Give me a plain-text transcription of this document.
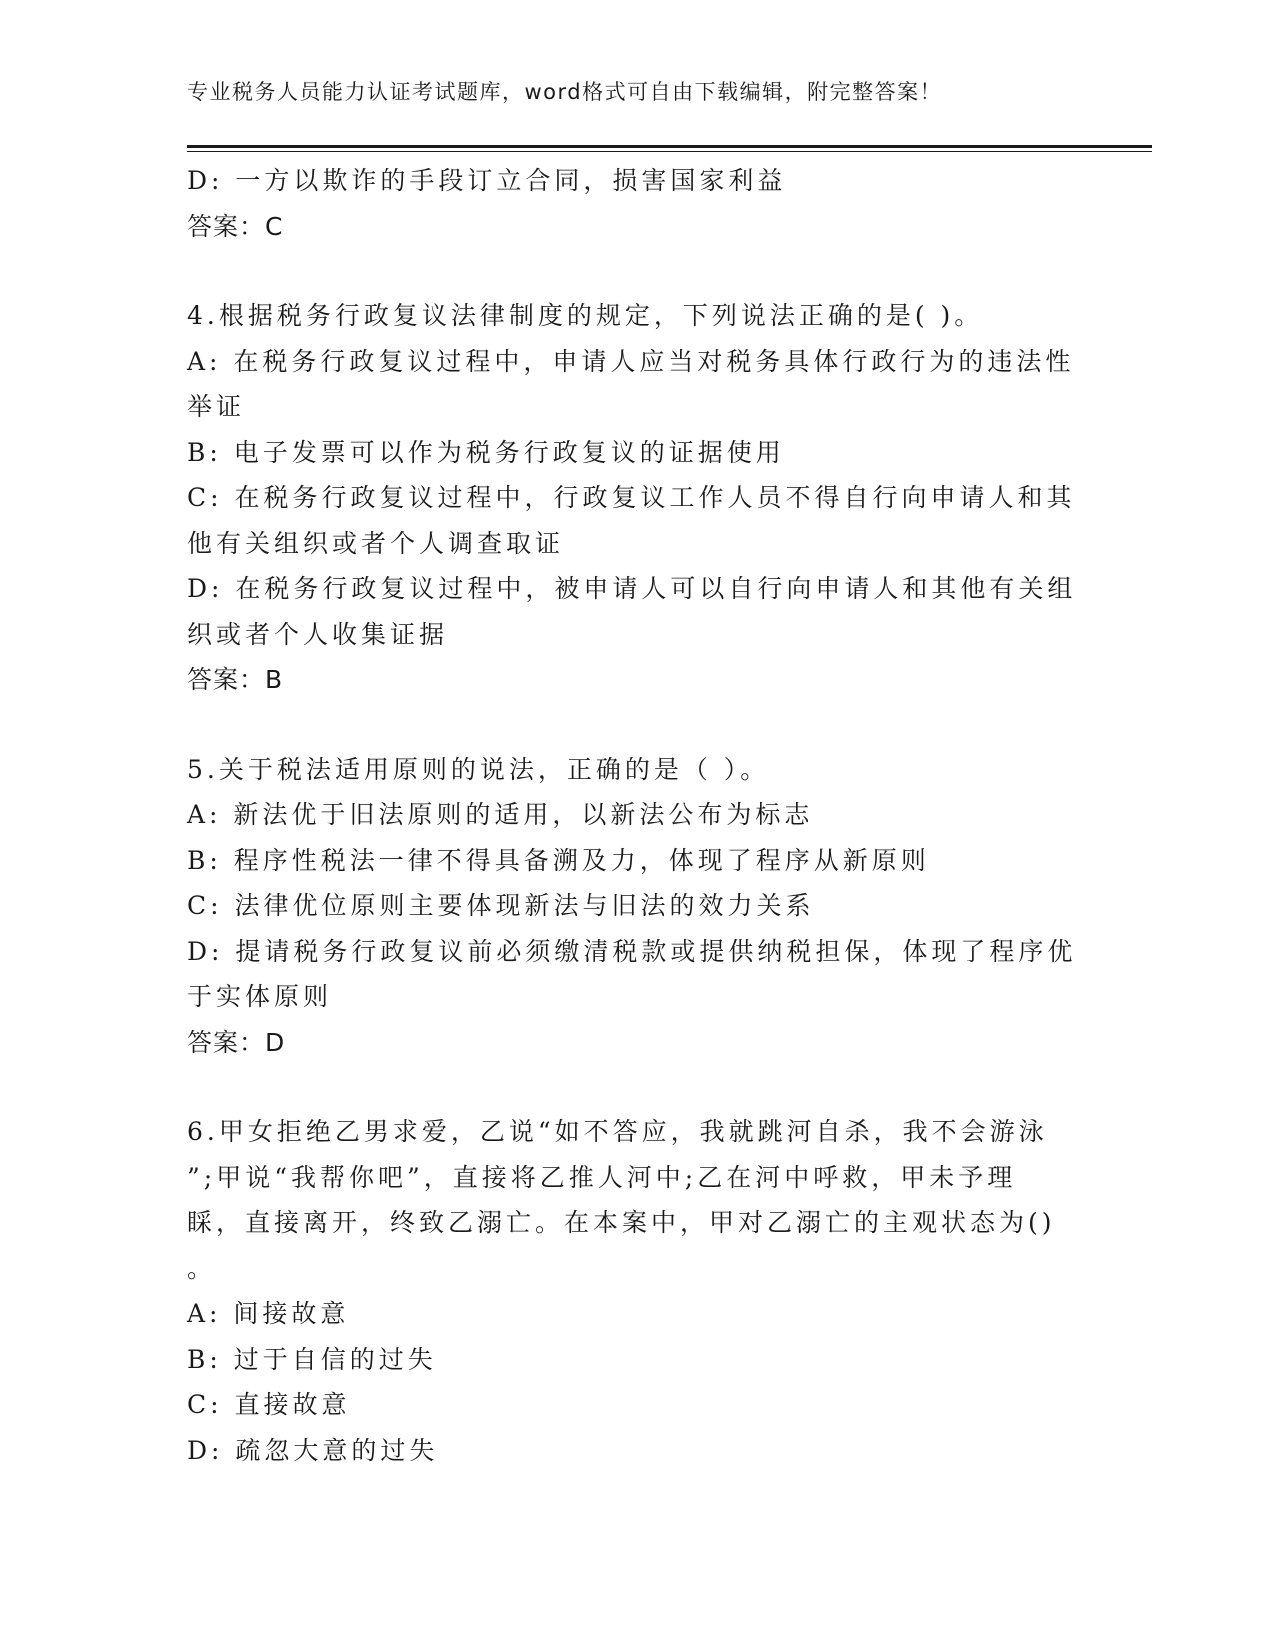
专业税务人员能力认证考试题库，word格式可自由下载编辑，附完整答案！
D: 一方以欺诈的手段订立合同，损害国家利益
答案：C
4.根据税务行政复议法律制度的规定，下列说法正确的是( )。
A: 在税务行政复议过程中，申请人应当对税务具体行政行为的违法性
举证
B: 电子发票可以作为税务行政复议的证据使用
C: 在税务行政复议过程中，行政复议工作人员不得自行向申请人和其
他有关组织或者个人调查取证
D: 在税务行政复议过程中，被申请人可以自行向申请人和其他有关组
织或者个人收集证据
答案：B
5.关于税法适用原则的说法，正确的是（ ）。
A: 新法优于旧法原则的适用，以新法公布为标志
B: 程序性税法一律不得具备溯及力，体现了程序从新原则
C: 法律优位原则主要体现新法与旧法的效力关系
D: 提请税务行政复议前必须缴清税款或提供纳税担保，体现了程序优
于实体原则
答案：D
6.甲女拒绝乙男求爱，乙说“如不答应，我就跳河自杀，我不会游泳
”;甲说“我帮你吧”，直接将乙推人河中;乙在河中呼救，甲未予理
睬，直接离开，终致乙溺亡。在本案中，甲对乙溺亡的主观状态为()
。
A: 间接故意
B: 过于自信的过失
C: 直接故意
D: 疏忽大意的过失
